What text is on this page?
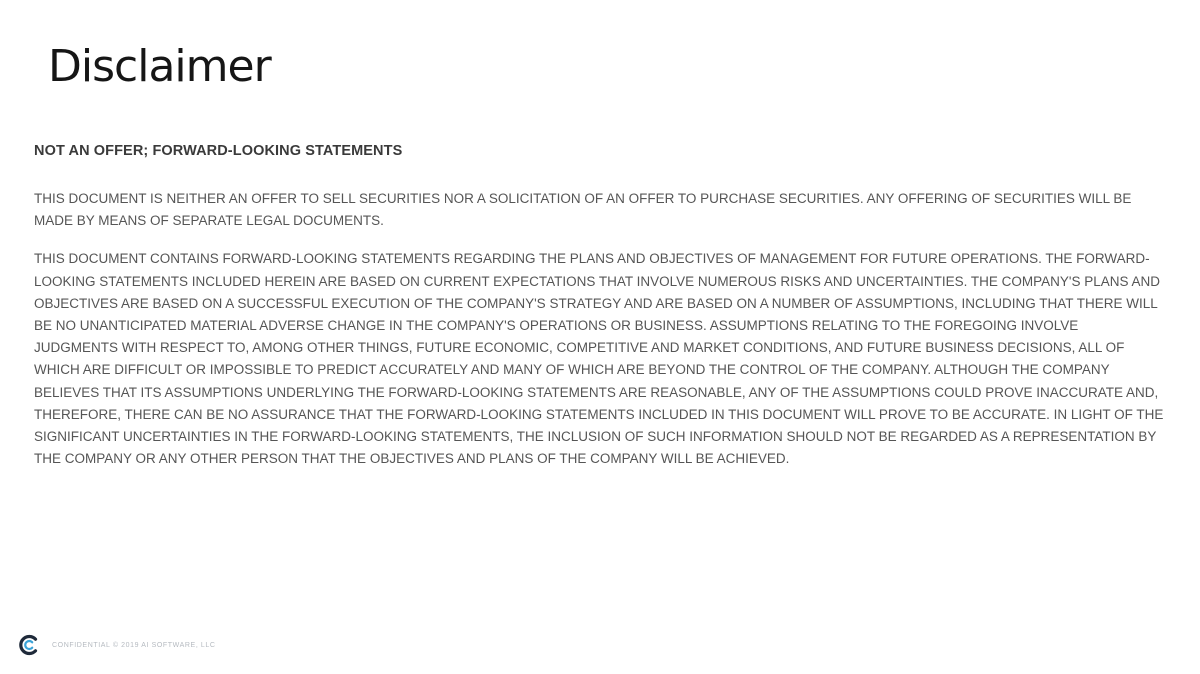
Disclaimer
NOT AN OFFER; FORWARD-LOOKING STATEMENTS

THIS DOCUMENT IS NEITHER AN OFFER TO SELL SECURITIES NOR A SOLICITATION OF AN OFFER TO PURCHASE SECURITIES. ANY OFFERING OF SECURITIES WILL BE MADE BY MEANS OF SEPARATE LEGAL DOCUMENTS.

THIS DOCUMENT CONTAINS FORWARD-LOOKING STATEMENTS REGARDING THE PLANS AND OBJECTIVES OF MANAGEMENT FOR FUTURE OPERATIONS. THE FORWARD-LOOKING STATEMENTS INCLUDED HEREIN ARE BASED ON CURRENT EXPECTATIONS THAT INVOLVE NUMEROUS RISKS AND UNCERTAINTIES. THE COMPANY'S PLANS AND OBJECTIVES ARE BASED ON A SUCCESSFUL EXECUTION OF THE COMPANY'S STRATEGY AND ARE BASED ON A NUMBER OF ASSUMPTIONS, INCLUDING THAT THERE WILL BE NO UNANTICIPATED MATERIAL ADVERSE CHANGE IN THE COMPANY'S OPERATIONS OR BUSINESS. ASSUMPTIONS RELATING TO THE FOREGOING INVOLVE JUDGMENTS WITH RESPECT TO, AMONG OTHER THINGS, FUTURE ECONOMIC, COMPETITIVE AND MARKET CONDITIONS, AND FUTURE BUSINESS DECISIONS, ALL OF WHICH ARE DIFFICULT OR IMPOSSIBLE TO PREDICT ACCURATELY AND MANY OF WHICH ARE BEYOND THE CONTROL OF THE COMPANY. ALTHOUGH THE COMPANY BELIEVES THAT ITS ASSUMPTIONS UNDERLYING THE FORWARD-LOOKING STATEMENTS ARE REASONABLE, ANY OF THE ASSUMPTIONS COULD PROVE INACCURATE AND, THEREFORE, THERE CAN BE NO ASSURANCE THAT THE FORWARD-LOOKING STATEMENTS INCLUDED IN THIS DOCUMENT WILL PROVE TO BE ACCURATE. IN LIGHT OF THE SIGNIFICANT UNCERTAINTIES IN THE FORWARD-LOOKING STATEMENTS, THE INCLUSION OF SUCH INFORMATION SHOULD NOT BE REGARDED AS A REPRESENTATION BY THE COMPANY OR ANY OTHER PERSON THAT THE OBJECTIVES AND PLANS OF THE COMPANY WILL BE ACHIEVED.

CONFIDENTIAL © 2019 AI SOFTWARE, LLC
